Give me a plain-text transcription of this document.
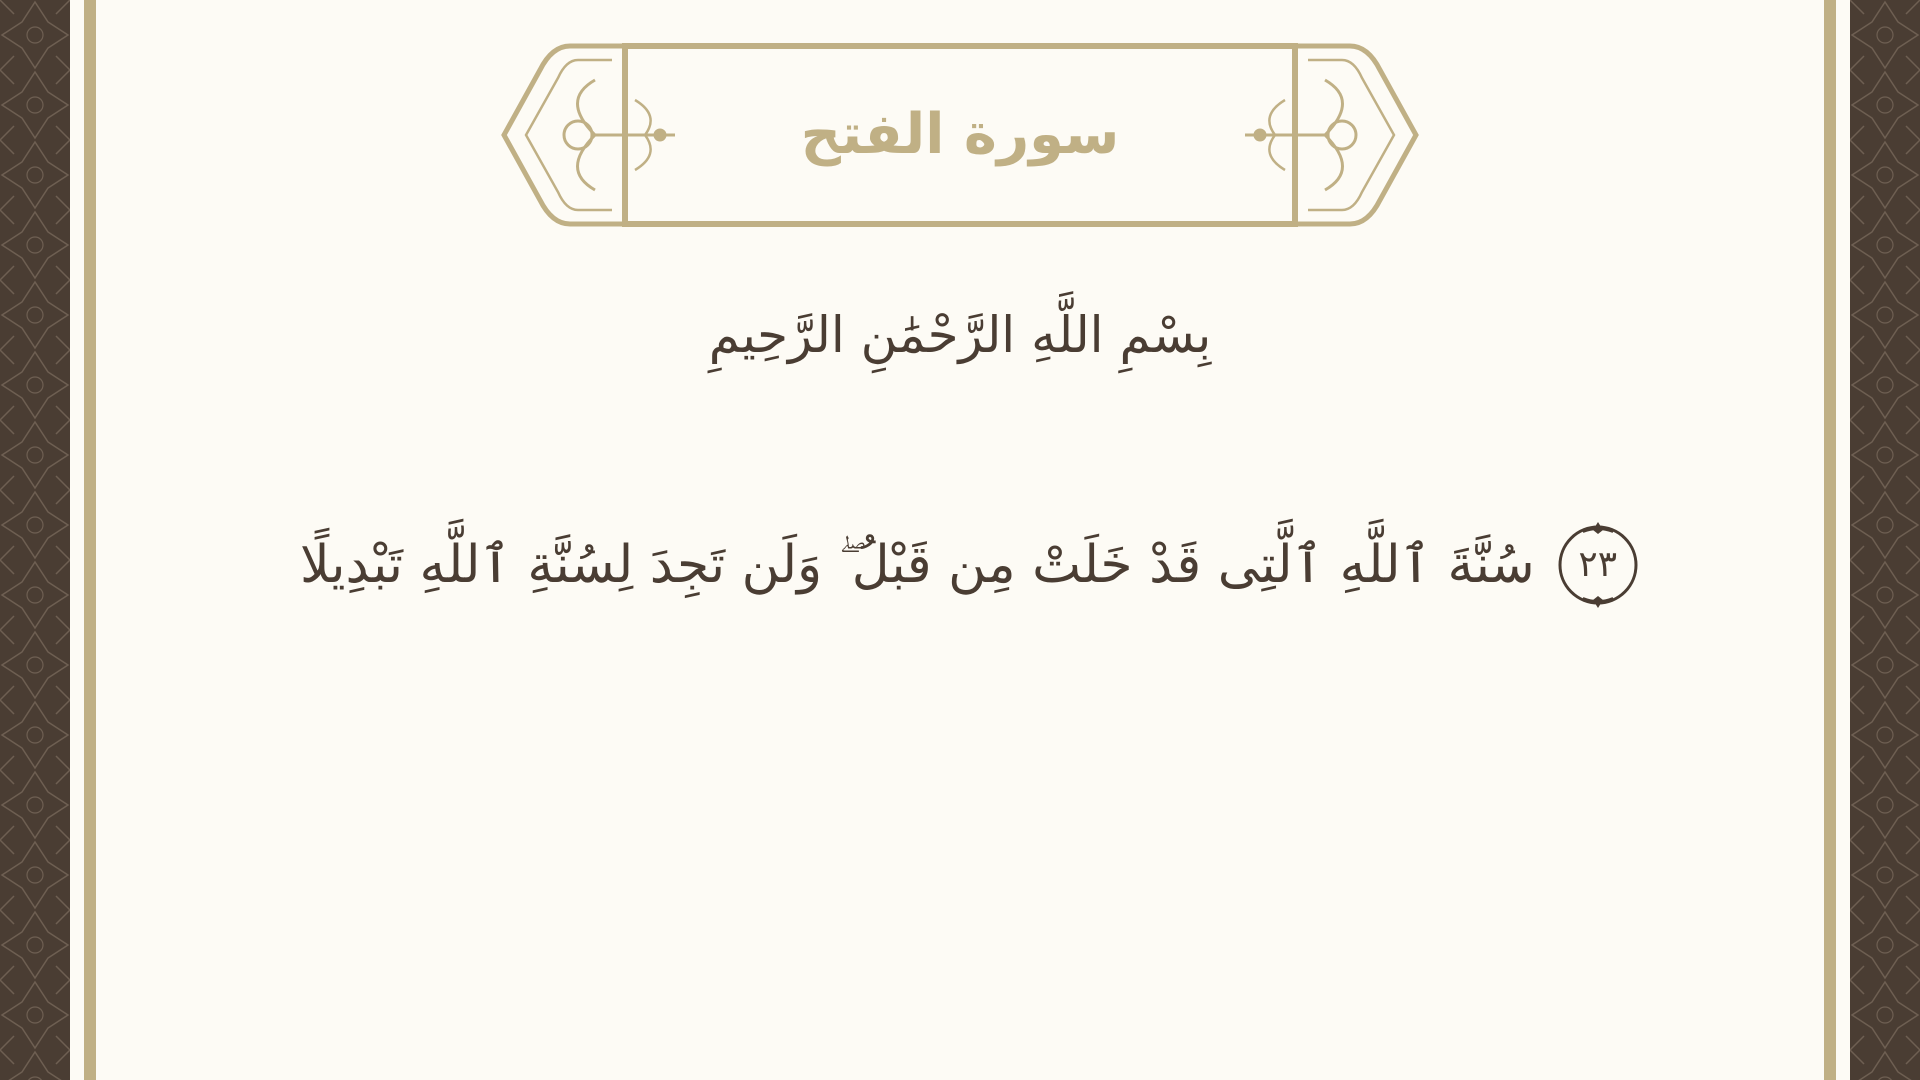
سورة الفتح
بِسْمِ اللَّهِ الرَّحْمَٰنِ الرَّحِيمِ
سُنَّةَ ٱللَّهِ ٱلَّتِى قَدْ خَلَتْ مِن قَبْلُ ۖ وَلَن تَجِدَ لِسُنَّةِ ٱللَّهِ تَبْدِيلًا	٢٣
